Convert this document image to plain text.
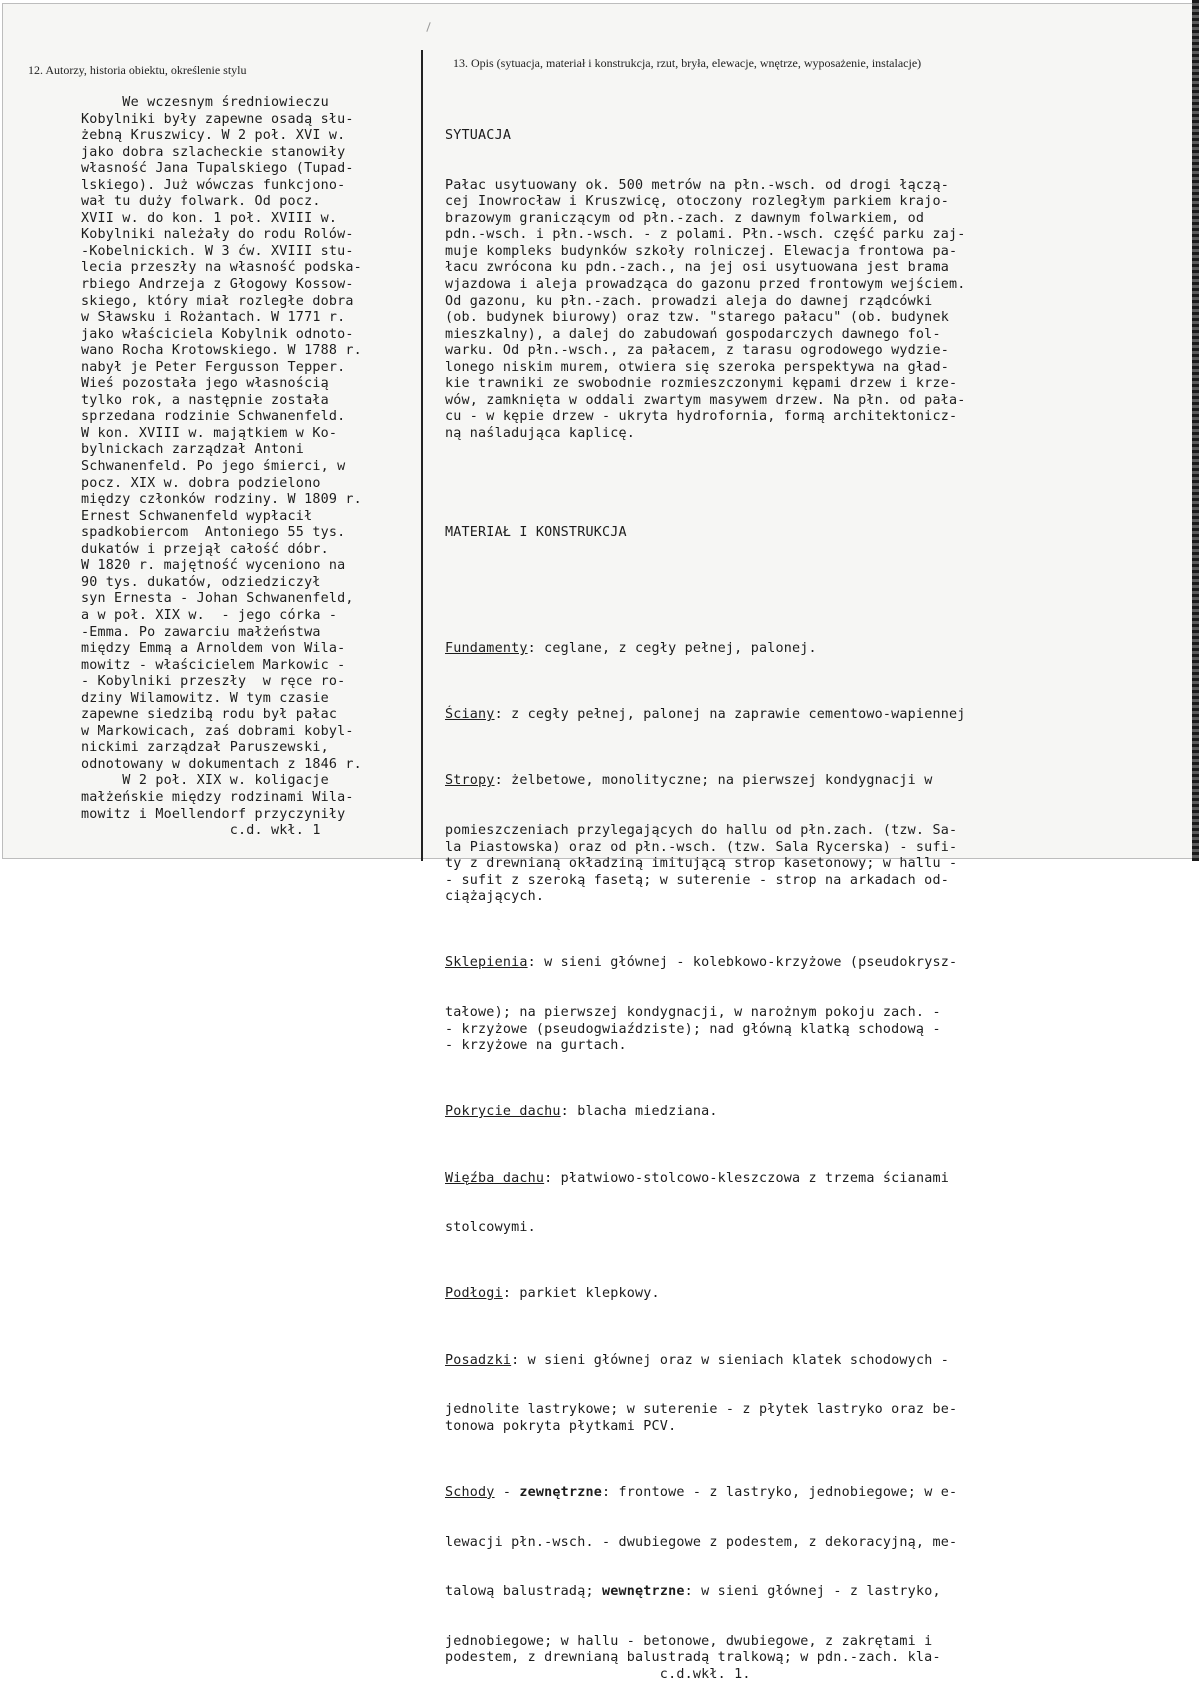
12. Autorzy, historia obiektu, określenie stylu	13. Opis (sytuacja, materiał i konstrukcja, rzut, bryła, elewacje, wnętrze, wyposażenie, instalacje)
We wczesnym średniowieczu
Kobylniki były zapewne osadą słu-
żebną Kruszwicy. W 2 poł. XVI w.
jako dobra szlacheckie stanowiły
własność Jana Tupalskiego (Tupad-
lskiego). Już wówczas funkcjono-
wał tu duży folwark. Od pocz.
XVII w. do kon. 1 poł. XVIII w.
Kobylniki należały do rodu Rolów-
-Kobelnickich. W 3 ćw. XVIII stu-
lecia przeszły na własność podska-
rbiego Andrzeja z Głogowy Kossow-
skiego, który miał rozległe dobra
w Sławsku i Rożantach. W 1771 r.
jako właściciela Kobylnik odnoto-
wano Rocha Krotowskiego. W 1788 r.
nabył je Peter Fergusson Tepper.
Wieś pozostała jego własnością
tylko rok, a następnie została
sprzedana rodzinie Schwanenfeld.
W kon. XVIII w. majątkiem w Ko-
bylnickach zarządzał Antoni
Schwanenfeld. Po jego śmierci, w
pocz. XIX w. dobra podzielono
między członków rodziny. W 1809 r.
Ernest Schwanenfeld wypłacił
spadkobiercom  Antoniego 55 tys.
dukatów i przejął całość dóbr.
W 1820 r. majętność wyceniono na
90 tys. dukatów, odziedziczył
syn Ernesta - Johan Schwanenfeld,
a w poł. XIX w.  - jego córka -
-Emma. Po zawarciu małżeństwa
między Emmą a Arnoldem von Wila-
mowitz - właścicielem Markowic -
- Kobylniki przeszły  w ręce ro-
dziny Wilamowitz. W tym czasie
zapewne siedzibą rodu był pałac
w Markowicach, zaś dobrami kobyl-
nickimi zarządzał Paruszewski,
odnotowany w dokumentach z 1846 r.
W 2 poł. XIX w. koligacje
małżeńskie między rodzinami Wila-
mowitz i Moellendorf przyczyniły
c.d. wkł. 1

SYTUACJA

Pałac usytuowany ok. 500 metrów na płn.-wsch. od drogi łączą-
cej Inowrocław i Kruszwicę, otoczony rozległym parkiem krajo-
brazowym graniczącym od płn.-zach. z dawnym folwarkiem, od
pdn.-wsch. i płn.-wsch. - z polami. Płn.-wsch. część parku zaj-
muje kompleks budynków szkoły rolniczej. Elewacja frontowa pa-
łacu zwrócona ku pdn.-zach., na jej osi usytuowana jest brama
wjazdowa i aleja prowadząca do gazonu przed frontowym wejściem.
Od gazonu, ku płn.-zach. prowadzi aleja do dawnej rządcówki
(ob. budynek biurowy) oraz tzw. "starego pałacu" (ob. budynek
mieszkalny), a dalej do zabudowań gospodarczych dawnego fol-
warku. Od płn.-wsch., za pałacem, z tarasu ogrodowego wydzie-
lonego niskim murem, otwiera się szeroka perspektywa na gład-
kie trawniki ze swobodnie rozmieszczonymi kępami drzew i krze-
wów, zamknięta w oddali zwartym masywem drzew. Na płn. od pała-
cu - w kępie drzew - ukryta hydrofornia, formą architektonicz-
ną naśladująca kaplicę.

MATERIAŁ I KONSTRUKCJA

Fundamenty: ceglane, z cegły pełnej, palonej.

Ściany: z cegły pełnej, palonej na zaprawie cementowo-wapiennej

Stropy: żelbetowe, monolityczne; na pierwszej kondygnacji w

pomieszczeniach przylegających do hallu od płn.zach. (tzw. Sa-
la Piastowska) oraz od płn.-wsch. (tzw. Sala Rycerska) - sufi-
ty z drewnianą okładziną imitującą strop kasetonowy; w hallu -
- sufit z szeroką fasetą; w suterenie - strop na arkadach od-
ciążających.

Sklepienia: w sieni głównej - kolebkowo-krzyżowe (pseudokrysz-

tałowe); na pierwszej kondygnacji, w narożnym pokoju zach. -
- krzyżowe (pseudogwiaździste); nad główną klatką schodową -
- krzyżowe na gurtach.

Pokrycie dachu: blacha miedziana.

Więźba dachu: płatwiowo-stolcowo-kleszczowa z trzema ścianami

stolcowymi.

Podłogi: parkiet klepkowy.

Posadzki: w sieni głównej oraz w sieniach klatek schodowych -

jednolite lastrykowe; w suterenie - z płytek lastryko oraz be-
tonowa pokryta płytkami PCV.

Schody - zewnętrzne: frontowe - z lastryko, jednobiegowe; w e-

lewacji płn.-wsch. - dwubiegowe z podestem, z dekoracyjną, me-

talową balustradą; wewnętrzne: w sieni głównej - z lastryko,

jednobiegowe; w hallu - betonowe, dwubiegowe, z zakrętami i
podestem, z drewnianą balustradą tralkową; w pdn.-zach. kla-
c.d.wkł. 1.
